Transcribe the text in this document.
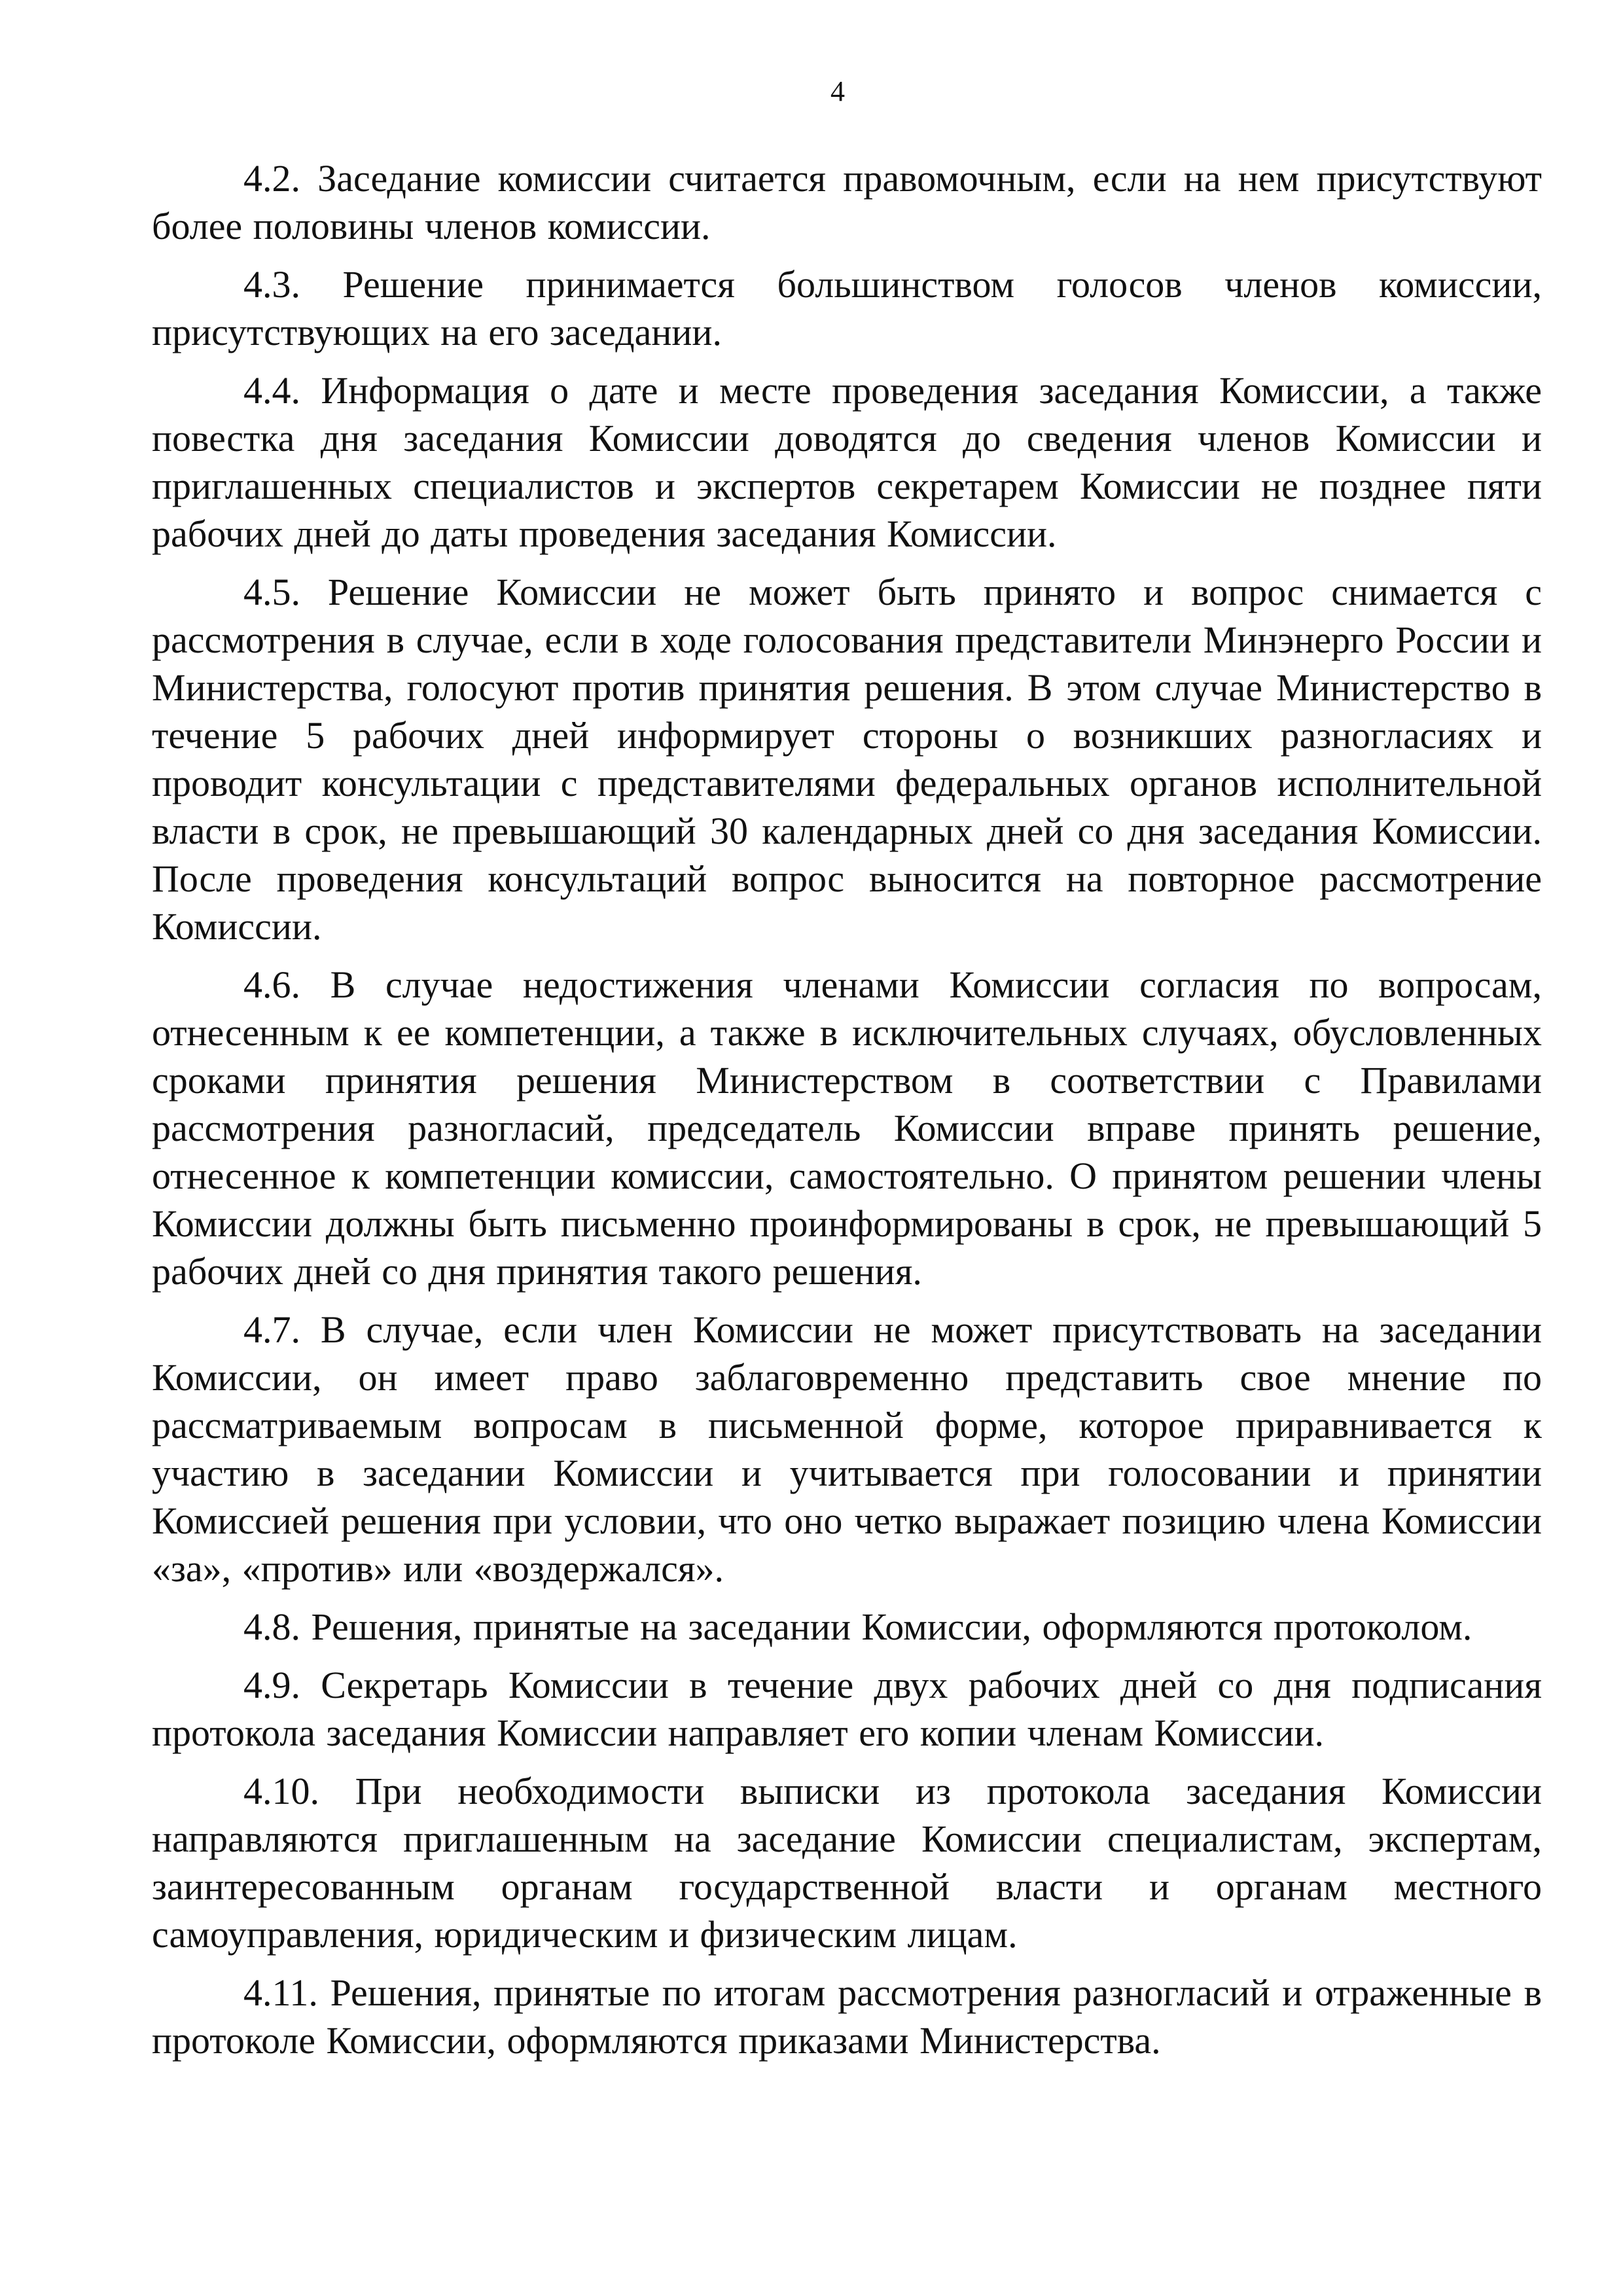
4

4.2. Заседание комиссии считается правомочным, если на нем присутствуют более половины членов комиссии.

4.3. Решение принимается большинством голосов членов комиссии, присутствующих на его заседании.

4.4. Информация о дате и месте проведения заседания Комиссии, а также повестка дня заседания Комиссии доводятся до сведения членов Комиссии и приглашенных специалистов и экспертов секретарем Комиссии не позднее пяти рабочих дней до даты проведения заседания Комиссии.

4.5. Решение Комиссии не может быть принято и вопрос снимается с рассмотрения в случае, если в ходе голосования представители Минэнерго России и Министерства, голосуют против принятия решения. В этом случае Министерство в течение 5 рабочих дней информирует стороны о возникших разногласиях и проводит консультации с представителями федеральных органов исполнительной власти в срок, не превышающий 30 календарных дней со дня заседания Комиссии. После проведения консультаций вопрос выносится на повторное рассмотрение Комиссии.

4.6. В случае недостижения членами Комиссии согласия по вопросам, отнесенным к ее компетенции, а также в исключительных случаях, обусловленных сроками принятия решения Министерством в соответствии с Правилами рассмотрения разногласий, председатель Комиссии вправе принять решение, отнесенное к компетенции комиссии, самостоятельно. О принятом решении члены Комиссии должны быть письменно проинформированы в срок, не превышающий 5 рабочих дней со дня принятия такого решения.

4.7. В случае, если член Комиссии не может присутствовать на заседании Комиссии, он имеет право заблаговременно представить свое мнение по рассматриваемым вопросам в письменной форме, которое приравнивается к участию в заседании Комиссии и учитывается при голосовании и принятии Комиссией решения при условии, что оно четко выражает позицию члена Комиссии «за», «против» или «воздержался».

4.8. Решения, принятые на заседании Комиссии, оформляются протоколом.

4.9. Секретарь Комиссии в течение двух рабочих дней со дня подписания протокола заседания Комиссии направляет его копии членам Комиссии.

4.10. При необходимости выписки из протокола заседания Комиссии направляются приглашенным на заседание Комиссии специалистам, экспертам, заинтересованным органам государственной власти и органам местного самоуправления, юридическим и физическим лицам.

4.11. Решения, принятые по итогам рассмотрения разногласий и отраженные в протоколе Комиссии, оформляются приказами Министерства.
